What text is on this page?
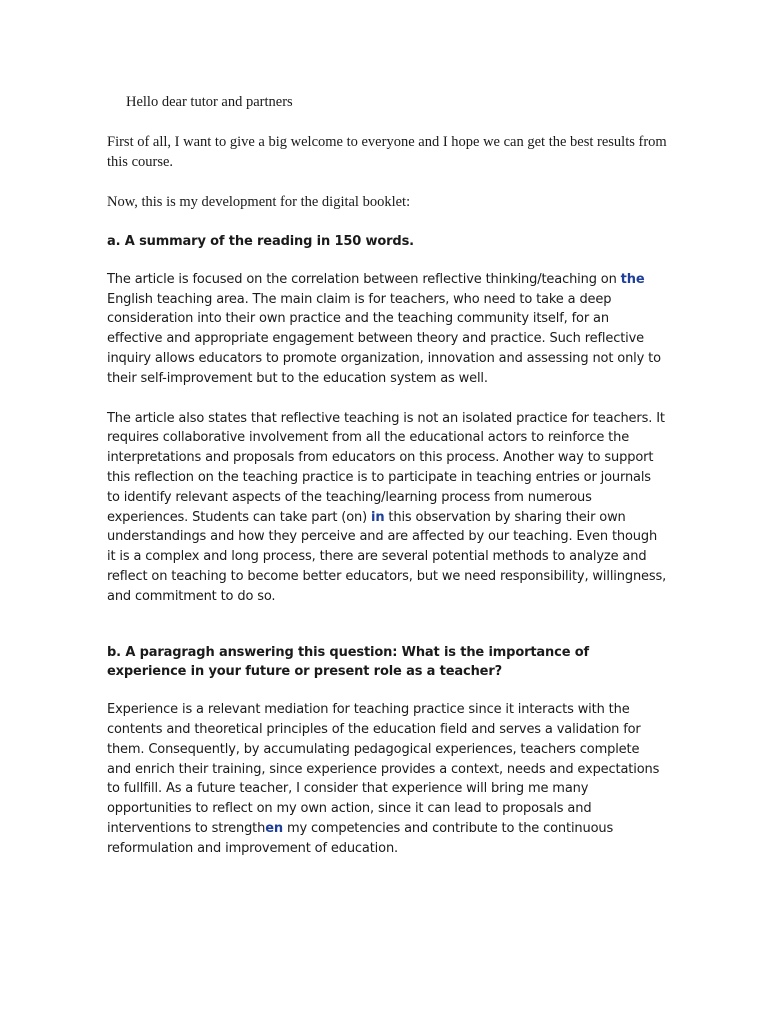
Hello dear tutor and partners

First of all, I want to give a big welcome to everyone and I hope we can get the best results from this course.

Now, this is my development for the digital booklet:

a. A summary of the reading in 150 words.

The article is focused on the correlation between reflective thinking/teaching on the English teaching area. The main claim is for teachers, who need to take a deep consideration into their own practice and the teaching community itself, for an effective and appropriate engagement between theory and practice. Such reflective inquiry allows educators to promote organization, innovation and assessing not only to their self-improvement but to the education system as well.

The article also states that reflective teaching is not an isolated practice for teachers. It requires collaborative involvement from all the educational actors to reinforce the interpretations and proposals from educators on this process. Another way to support this reflection on the teaching practice is to participate in teaching entries or journals to identify relevant aspects of the teaching/learning process from numerous experiences. Students can take part (on) in this observation by sharing their own understandings and how they perceive and are affected by our teaching. Even though it is a complex and long process, there are several potential methods to analyze and reflect on teaching to become better educators, but we need responsibility, willingness, and commitment to do so.

b. A paragragh answering this question: What is the importance of experience in your future or present role as a teacher?

Experience is a relevant mediation for teaching practice since it interacts with the contents and theoretical principles of the education field and serves a validation for them. Consequently, by accumulating pedagogical experiences, teachers complete and enrich their training, since experience provides a context, needs and expectations to fullfill. As a future teacher, I consider that experience will bring me many opportunities to reflect on my own action, since it can lead to proposals and interventions to strengthen my competencies and contribute to the continuous reformulation and improvement of education.
